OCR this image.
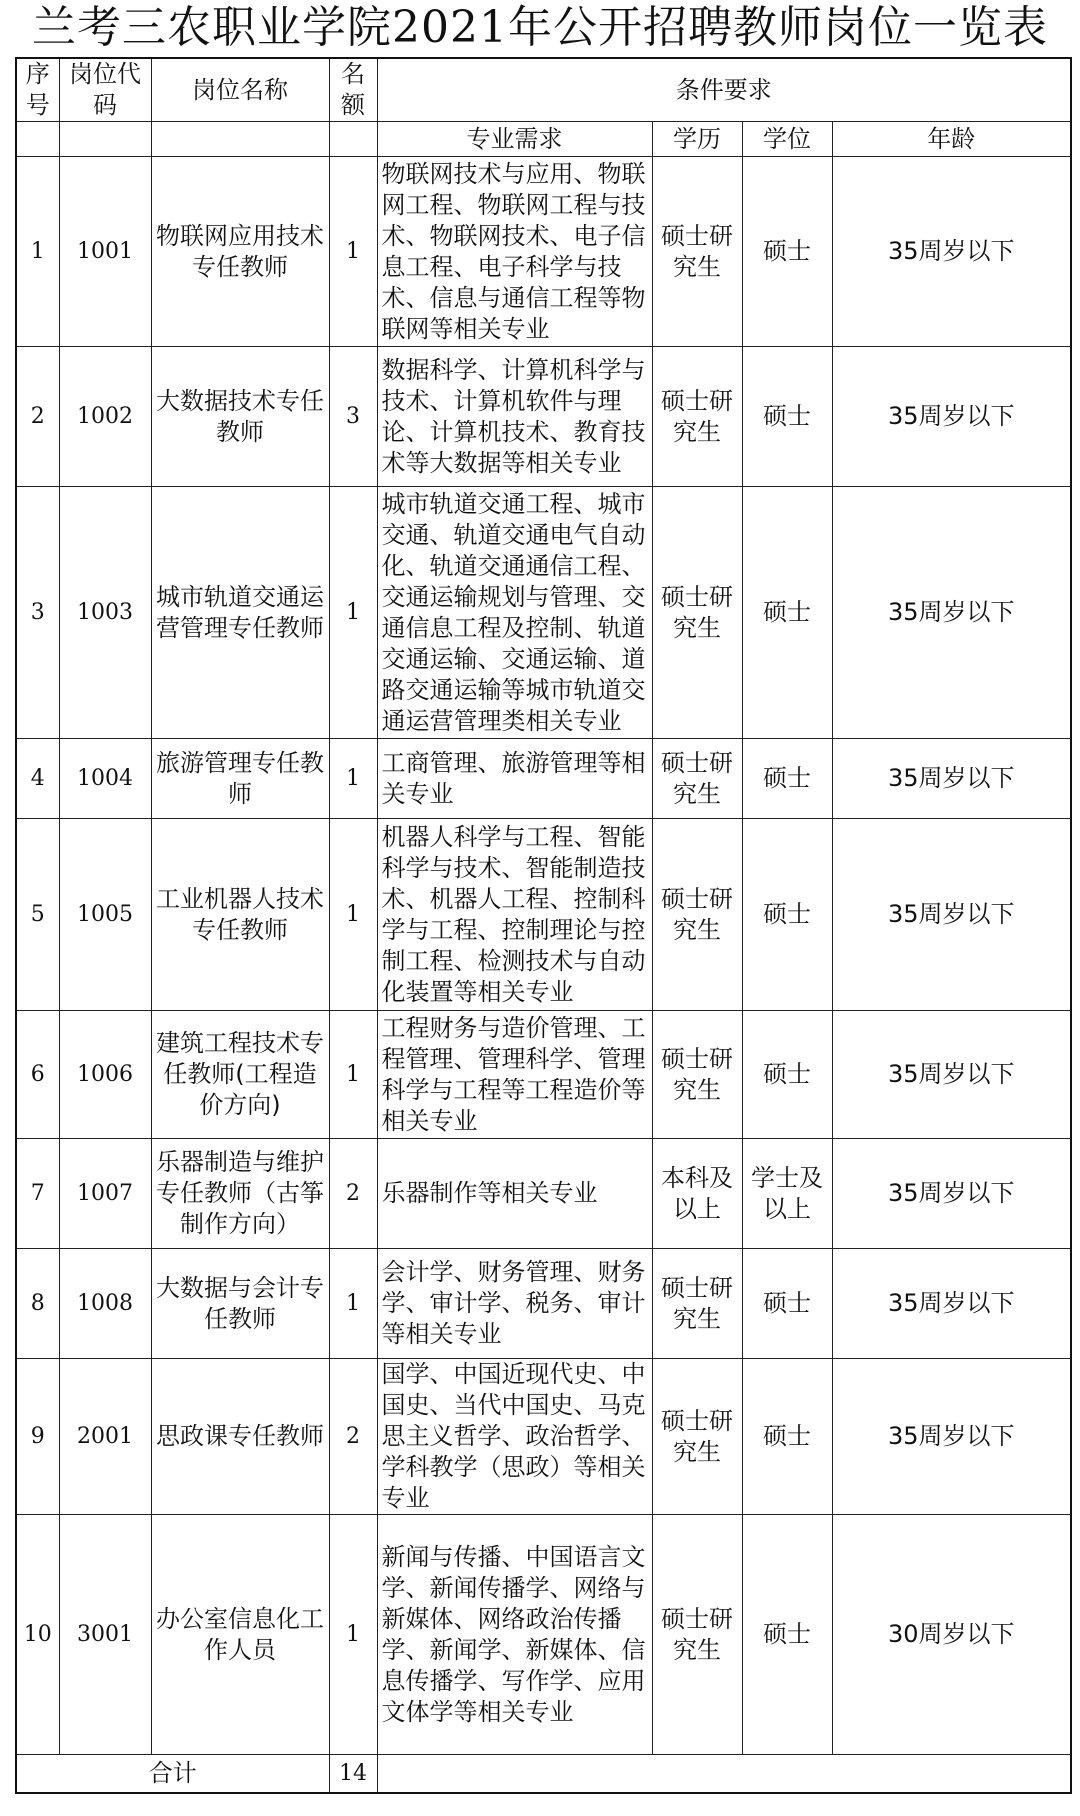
兰考三农职业学院2021年公开招聘教师岗位一览表
序号	岗位代码	岗位名称	名额	条件要求			
				专业需求	学历	学位	年龄
1	1001	物联网应用技术专任教师	1	物联网技术与应用、物联网工程、物联网工程与技术、物联网技术、电子信息工程、电子科学与技术、信息与通信工程等物联网等相关专业	硕士研究生	硕士	35周岁以下
2	1002	大数据技术专任教师	3	数据科学、计算机科学与技术、计算机软件与理论、计算机技术、教育技术等大数据等相关专业	硕士研究生	硕士	35周岁以下
3	1003	城市轨道交通运营管理专任教师	1	城市轨道交通工程、城市交通、轨道交通电气自动化、轨道交通通信工程、交通运输规划与管理、交通信息工程及控制、轨道交通运输、交通运输、道路交通运输等城市轨道交通运营管理类相关专业	硕士研究生	硕士	35周岁以下
4	1004	旅游管理专任教师	1	工商管理、旅游管理等相关专业	硕士研究生	硕士	35周岁以下
5	1005	工业机器人技术专任教师	1	机器人科学与工程、智能科学与技术、智能制造技术、机器人工程、控制科学与工程、控制理论与控制工程、检测技术与自动化装置等相关专业	硕士研究生	硕士	35周岁以下
6	1006	建筑工程技术专任教师(工程造价方向)	1	工程财务与造价管理、工程管理、管理科学、管理科学与工程等工程造价等相关专业	硕士研究生	硕士	35周岁以下
7	1007	乐器制造与维护专任教师（古筝制作方向）	2	乐器制作等相关专业	本科及以上	学士及以上	35周岁以下
8	1008	大数据与会计专任教师	1	会计学、财务管理、财务学、审计学、税务、审计等相关专业	硕士研究生	硕士	35周岁以下
9	2001	思政课专任教师	2	国学、中国近现代史、中国史、当代中国史、马克思主义哲学、政治哲学、学科教学（思政）等相关专业	硕士研究生	硕士	35周岁以下
10	3001	办公室信息化工作人员	1	新闻与传播、中国语言文学、新闻传播学、网络与新媒体、网络政治传播学、新闻学、新媒体、信息传播学、写作学、应用文体学等相关专业	硕士研究生	硕士	30周岁以下
合计			14				
